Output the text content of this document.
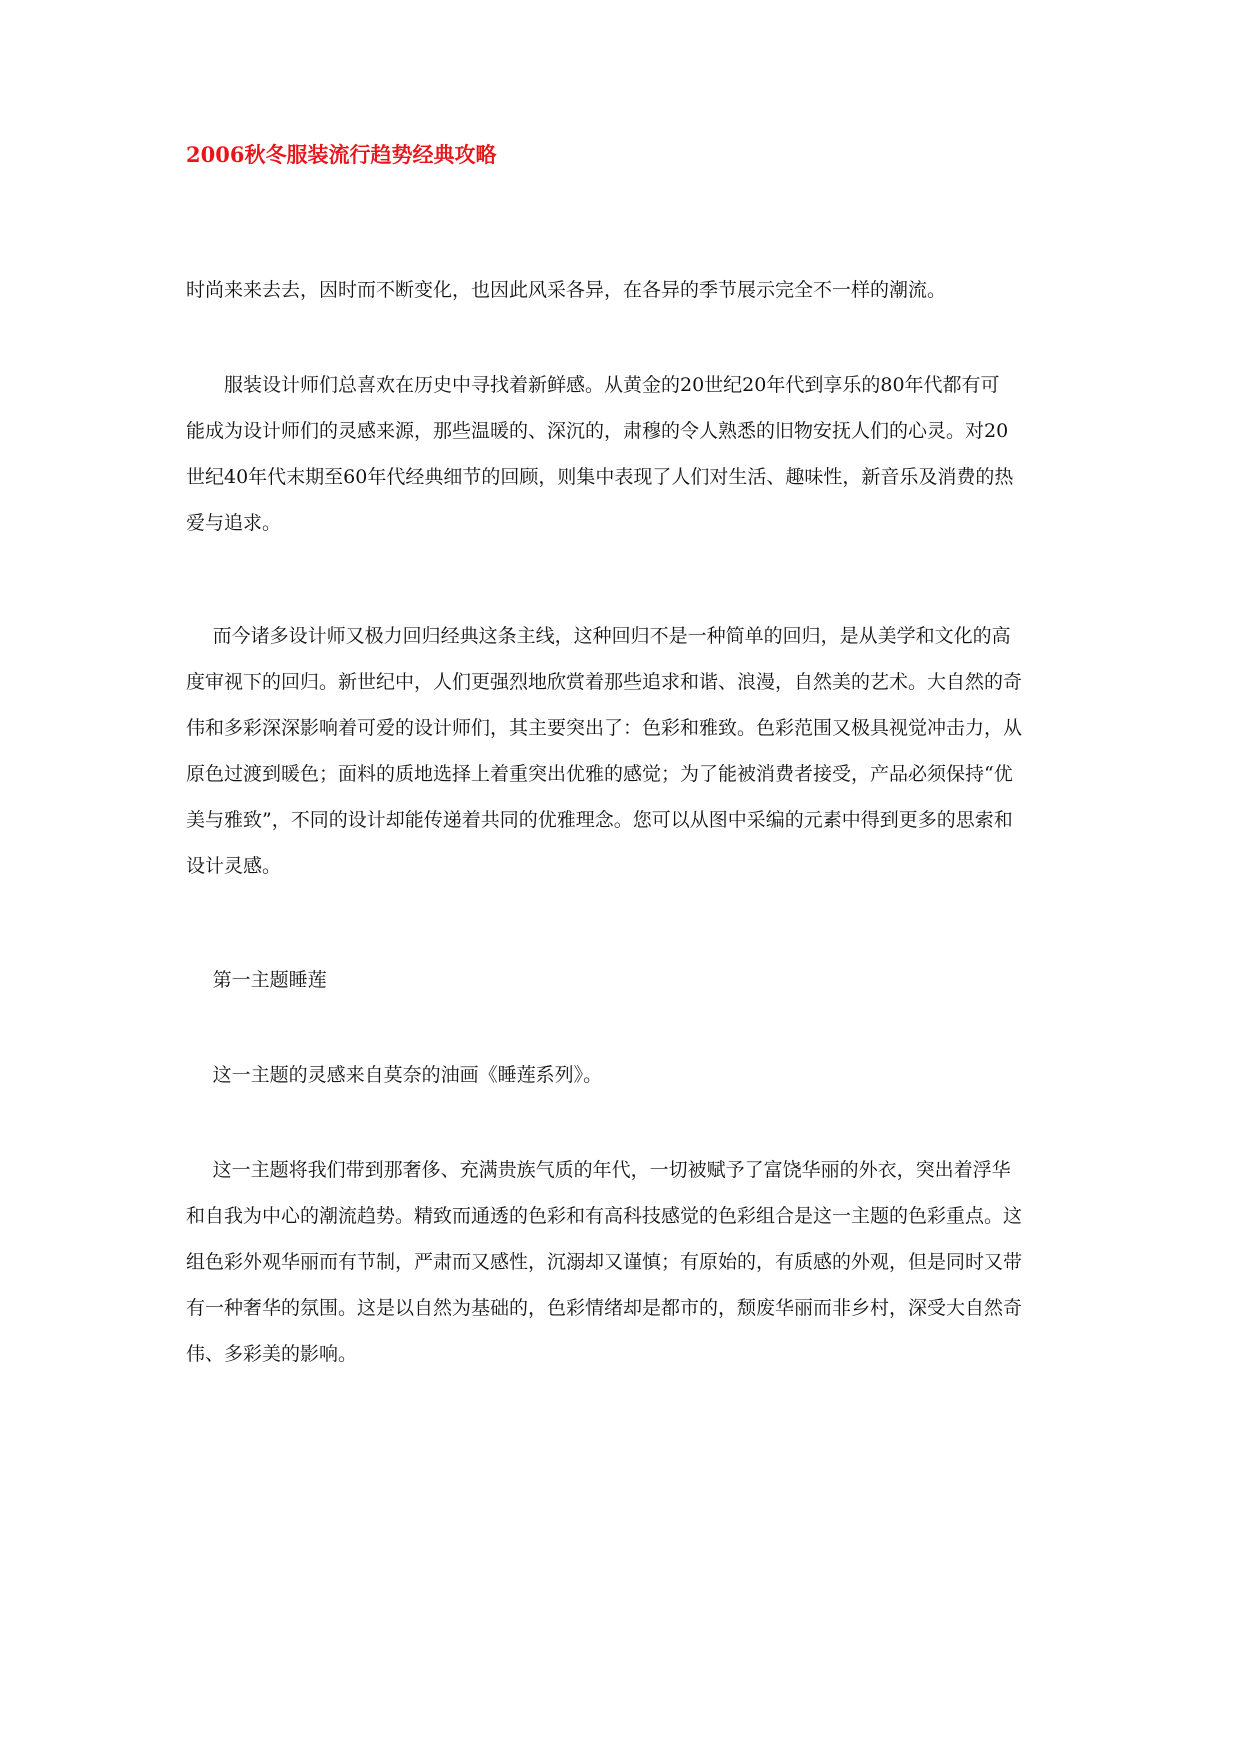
2006秋冬服装流行趋势经典攻略
时尚来来去去，因时而不断变化，也因此风采各异，在各异的季节展示完全不一样的潮流。
服装设计师们总喜欢在历史中寻找着新鲜感。从黄金的20世纪20年代到享乐的80年代都有可
能成为设计师们的灵感来源，那些温暖的、深沉的，肃穆的令人熟悉的旧物安抚人们的心灵。对20
世纪40年代末期至60年代经典细节的回顾，则集中表现了人们对生活、趣味性，新音乐及消费的热
爱与追求。
而今诸多设计师又极力回归经典这条主线，这种回归不是一种简单的回归，是从美学和文化的高
度审视下的回归。新世纪中，人们更强烈地欣赏着那些追求和谐、浪漫，自然美的艺术。大自然的奇
伟和多彩深深影响着可爱的设计师们，其主要突出了：色彩和雅致。色彩范围又极具视觉冲击力，从
原色过渡到暖色；面料的质地选择上着重突出优雅的感觉；为了能被消费者接受，产品必须保持“优
美与雅致”，不同的设计却能传递着共同的优雅理念。您可以从图中采编的元素中得到更多的思索和
设计灵感。
第一主题睡莲
这一主题的灵感来自莫奈的油画《睡莲系列》。
这一主题将我们带到那奢侈、充满贵族气质的年代，一切被赋予了富饶华丽的外衣，突出着浮华
和自我为中心的潮流趋势。精致而通透的色彩和有高科技感觉的色彩组合是这一主题的色彩重点。这
组色彩外观华丽而有节制，严肃而又感性，沉溺却又谨慎；有原始的，有质感的外观，但是同时又带
有一种奢华的氛围。这是以自然为基础的，色彩情绪却是都市的，颓废华丽而非乡村，深受大自然奇
伟、多彩美的影响。
